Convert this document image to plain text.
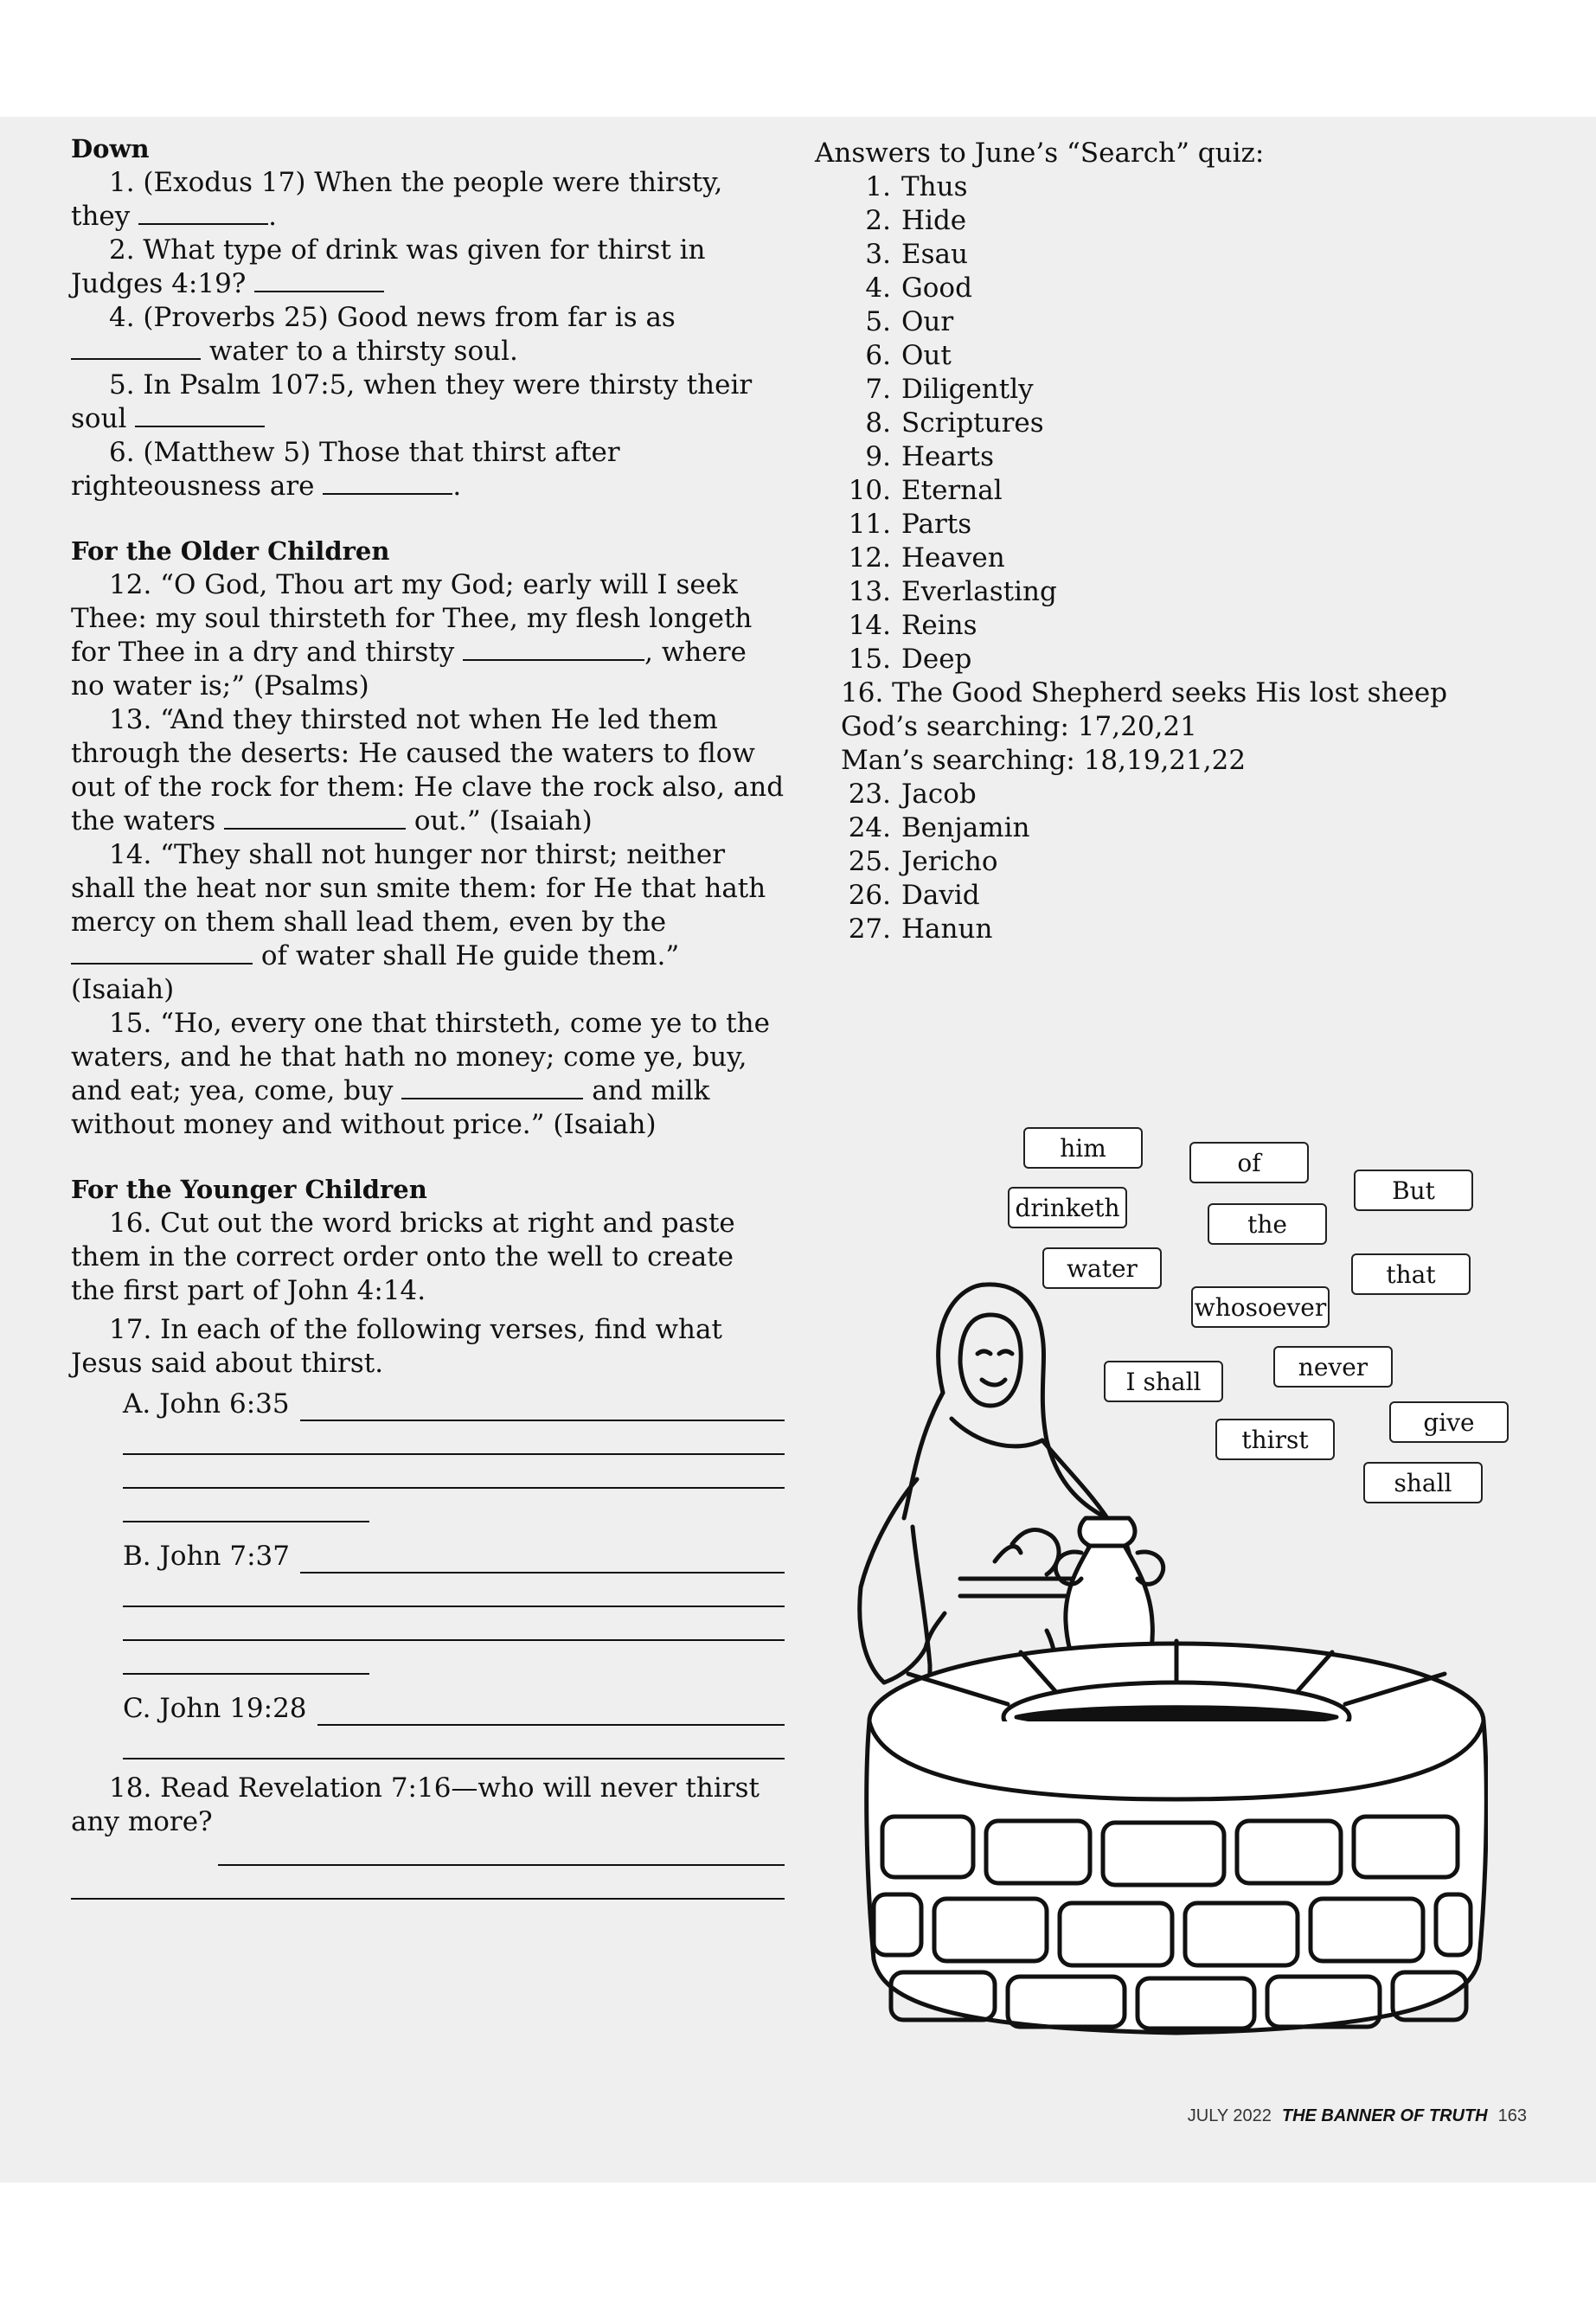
Down

1. (Exodus 17) When the people were thirsty, they	.

2. What type of drink was given for thirst in Judges 4:19?

4. (Proverbs 25) Good news from far is as  water to a thirsty soul.

5. In Psalm 107:5, when they were thirsty their soul

6. (Matthew 5) Those that thirst after righteousness are	.

For the Older Children

12. “O God, Thou art my God; early will I seek Thee: my soul thirsteth for Thee, my flesh longeth for Thee in a dry and thirsty	, where no water is;” (Psalms)

13. “And they thirsted not when He led them through the deserts: He caused the waters to flow out of the rock for them: He clave the rock also, and the waters	out.” (Isaiah)

14. “They shall not hunger nor thirst; neither shall the heat nor sun smite them: for He that hath mercy on them shall lead them, even by the  of water shall He guide them.” (Isaiah)

15. “Ho, every one that thirsteth, come ye to the waters, and he that hath no money; come ye, buy, and eat; yea, come, buy	and milk without money and without price.” (Isaiah)

For the Younger Children

16. Cut out the word bricks at right and paste them in the correct order onto the well to create the first part of John 4:14.

17. In each of the following verses, find what Jesus said about thirst.

A. John 6:35
B. John 7:37
C. John 19:28

18. Read Revelation 7:16—who will never thirst any more?

Answers to June’s “Search” quiz:

1. Thus
2. Hide
3. Esau
4. Good
5. Our
6. Out
7. Diligently
8. Scriptures
9. Hearts
10. Eternal
11. Parts
12. Heaven
13. Everlasting
14. Reins
15. Deep

16. The Good Shepherd seeks His lost sheep

God’s searching: 17,20,21

Man’s searching: 18,19,21,22

23. Jacob
24. Benjamin
25. Jericho
26. David
27. Hanun
him
of
But
drinketh
the
water	that
whosoever
never
I shall
give
thirst
shall
JULY 2022 THE BANNER OF TRUTH 163
